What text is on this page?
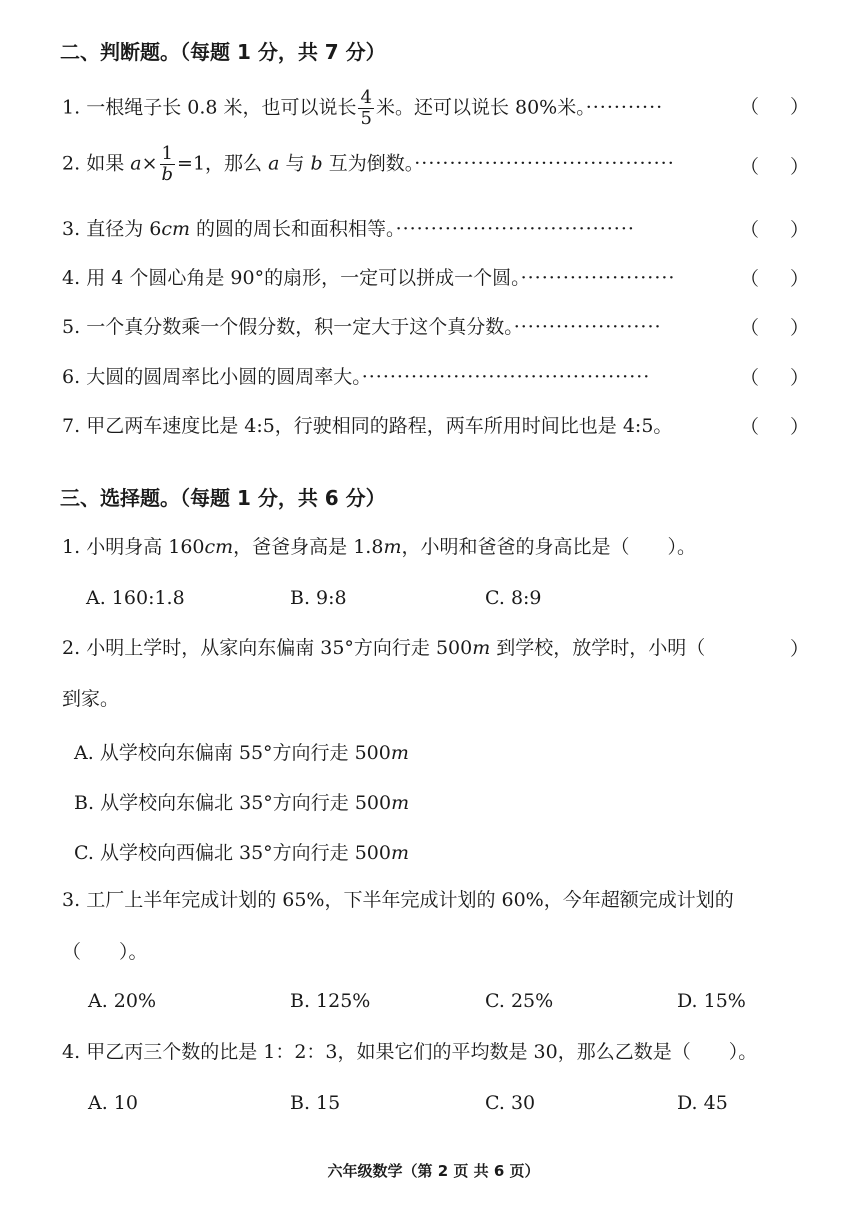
二、判断题。（每题 1 分，共 7 分）
1. 一根绳子长 0.8 米，也可以说长 $\frac{4}{5}$ 米。还可以说长 80%米。···········	（ ）
2. 如果 $a\times \frac{1}{b} =1$，那么 a 与 b 互为倒数。·····································	（ ）
3. 直径为 6cm 的圆的周长和面积相等。··································	（ ）
4. 用 4 个圆心角是 90°的扇形，一定可以拼成一个圆。······················	（ ）
5. 一个真分数乘一个假分数，积一定大于这个真分数。·····················	（ ）
6. 大圆的圆周率比小圆的圆周率大。·········································	（ ）
7. 甲乙两车速度比是 4:5，行驶相同的路程，两车所用时间比也是 4:5。	（ ）
三、选择题。（每题 1 分，共 6 分）
1. 小明身高 160cm，爸爸身高是 1.8m，小明和爸爸的身高比是（　　）。
A. 160:1.8	B. 9:8	C. 8:9
2. 小明上学时，从家向东偏南 35°方向行走 500m 到学校，放学时，小明（	）
到家。
A. 从学校向东偏南 55°方向行走 500m
B. 从学校向东偏北 35°方向行走 500m
C. 从学校向西偏北 35°方向行走 500m
3. 工厂上半年完成计划的 65%，下半年完成计划的 60%，今年超额完成计划的
（　　）。
A. 20%	B. 125%	C. 25%	D. 15%
4. 甲乙丙三个数的比是 1：2：3，如果它们的平均数是 30，那么乙数是（　　）。
A. 10	B. 15	C. 30	D. 45
六年级数学（第 2 页 共 6 页）
